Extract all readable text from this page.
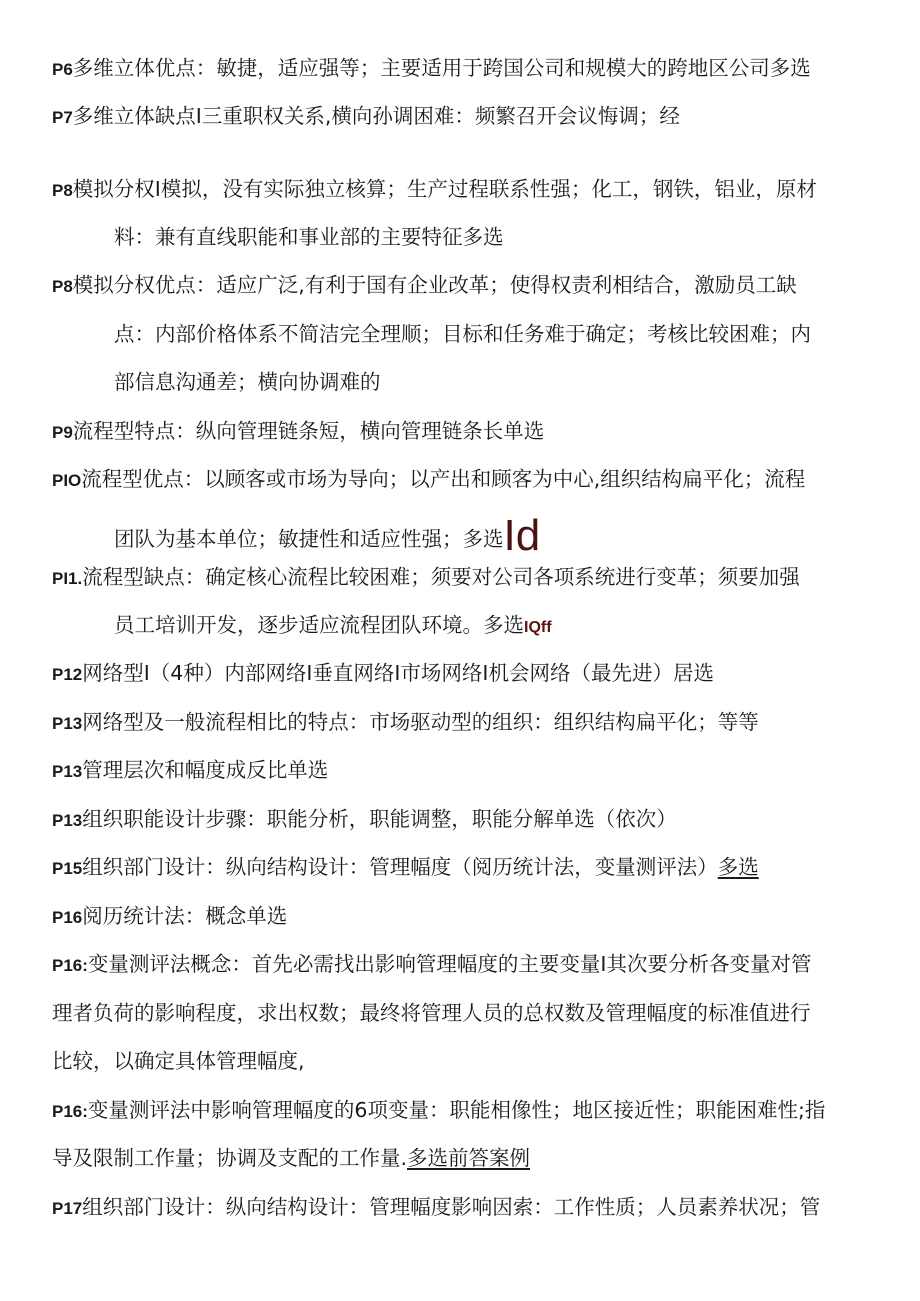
P6多维立体优点：敏捷，适应强等；主要适用于跨国公司和规模大的跨地区公司多选
P7多维立体缺点I三重职权关系,横向孙调困难：频繁召开会议悔调；经
P8模拟分权I模拟，没有实际独立核算；生产过程联系性强；化工，钢铁，铝业，原材
料：兼有直线职能和事业部的主要特征多选
P8模拟分权优点：适应广泛,有利于国有企业改革；使得权责利相结合，激励员工缺
点：内部价格体系不简洁完全理顺；目标和任务难于确定；考核比较困难；内
部信息沟通差；横向协调难的
P9流程型特点：纵向管理链条短，横向管理链条长单选
PIO流程型优点：以顾客或市场为导向；以产出和顾客为中心,组织结构扁平化；流程
团队为基本单位；敏捷性和适应性强；多选Id
PI1.流程型缺点：确定核心流程比较困难；须要对公司各项系统进行变革；须要加强
员工培训开发，逐步适应流程团队环境。多选IQff
P12网络型I（4种）内部网络I垂直网络I市场网络I机会网络（最先进）居选
P13网络型及一般流程相比的特点：市场驱动型的组织：组织结构扁平化；等等
P13管理层次和幅度成反比单选
P13组织职能设计步骤：职能分析，职能调整，职能分解单选（依次）
P15组织部门设计：纵向结构设计：管理幅度（阅历统计法，变量测评法）多选
P16阅历统计法：概念单选
P16:变量测评法概念：首先必需找出影响管理幅度的主要变量I其次要分析各变量对管
理者负荷的影响程度，求出权数；最终将管理人员的总权数及管理幅度的标准值进行
比较，以确定具体管理幅度,
P16:变量测评法中影响管理幅度的6项变量：职能相像性；地区接近性；职能困难性;指
导及限制工作量；协调及支配的工作量.多选前答案例
P17组织部门设计：纵向结构设计：管理幅度影响因索：工作性质；人员素养状况；管
